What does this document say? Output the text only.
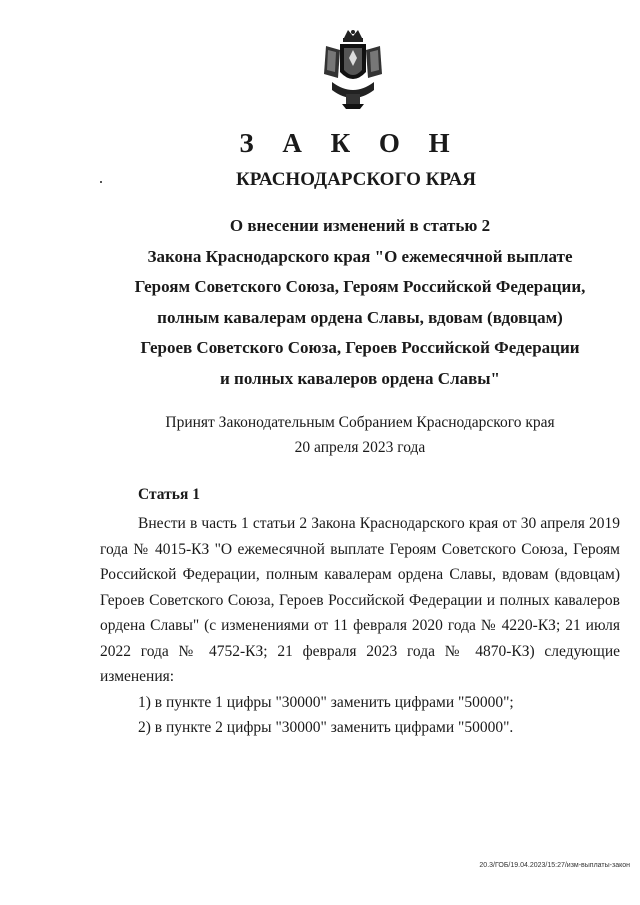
З А К О Н
КРАСНОДАРСКОГО КРАЯ
О внесении изменений в статью 2
Закона Краснодарского края "О ежемесячной выплате
Героям Советского Союза, Героям Российской Федерации,
полным кавалерам ордена Славы, вдовам (вдовцам)
Героев Советского Союза, Героев Российской Федерации
и полных кавалеров ордена Славы"
Принят Законодательным Собранием Краснодарского края
20 апреля 2023 года
Статья 1

Внести в часть 1 статьи 2 Закона Краснодарского края от 30 апреля 2019 года № 4015-КЗ "О ежемесячной выплате Героям Советского Союза, Героям Российской Федерации, полным кавалерам ордена Славы, вдовам (вдовцам) Героев Советского Союза, Героев Российской Федерации и полных кавалеров ордена Славы" (с изменениями от 11 февраля 2020 года № 4220-КЗ; 21 июля 2022 года № 4752-КЗ; 21 февраля 2023 года № 4870-КЗ) следующие изменения:

1) в пункте 1 цифры "30000" заменить цифрами "50000";

2) в пункте 2 цифры "30000" заменить цифрами "50000".

20.3/ГОБ/19.04.2023/15:27/изм-выплаты-закон
